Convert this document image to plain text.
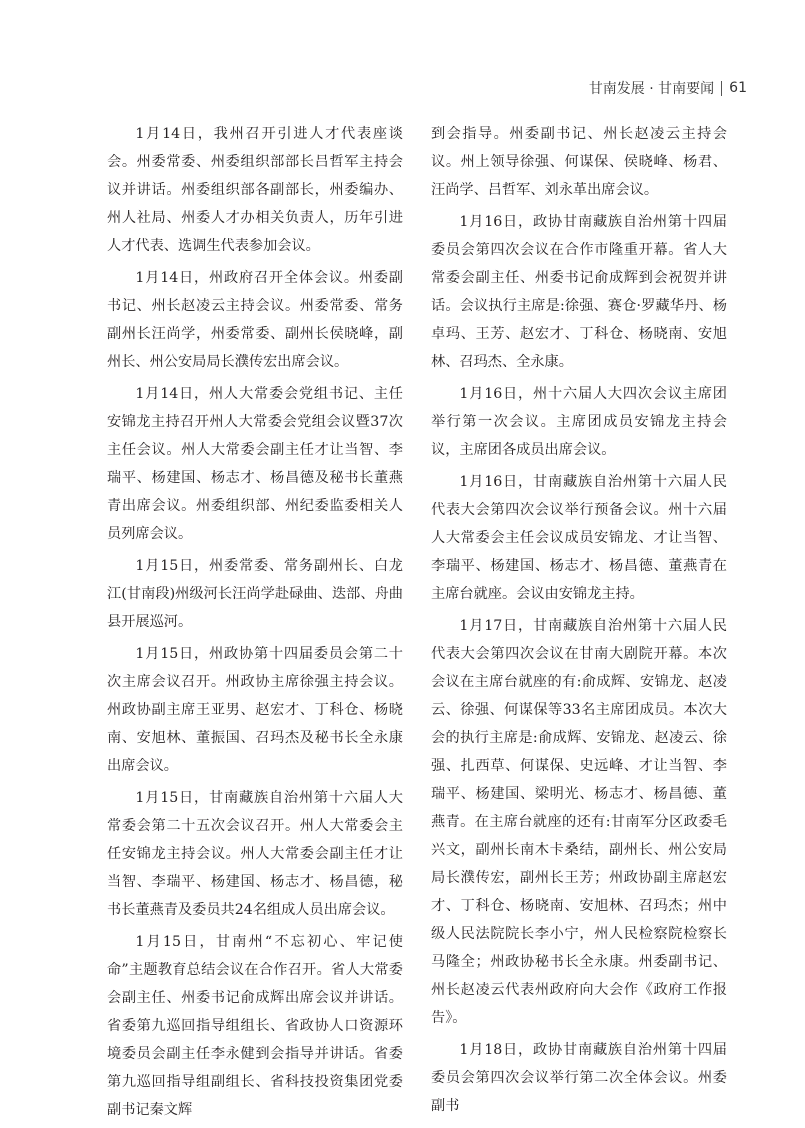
甘南发展 · 甘南要闻 61

1月14日，我州召开引进人才代表座谈会。州委常委、州委组织部部长吕哲军主持会议并讲话。州委组织部各副部长，州委编办、州人社局、州委人才办相关负责人，历年引进人才代表、选调生代表参加会议。

1月14日，州政府召开全体会议。州委副书记、州长赵凌云主持会议。州委常委、常务副州长汪尚学，州委常委、副州长侯晓峰，副州长、州公安局局长濮传宏出席会议。

1月14日，州人大常委会党组书记、主任安锦龙主持召开州人大常委会党组会议暨37次主任会议。州人大常委会副主任才让当智、李瑞平、杨建国、杨志才、杨昌德及秘书长董燕青出席会议。州委组织部、州纪委监委相关人员列席会议。

1月15日，州委常委、常务副州长、白龙江(甘南段)州级河长汪尚学赴碌曲、迭部、舟曲县开展巡河。

1月15日，州政协第十四届委员会第二十次主席会议召开。州政协主席徐强主持会议。州政协副主席王亚男、赵宏才、丁科仓、杨晓南、安旭林、董振国、召玛杰及秘书长全永康出席会议。

1月15日，甘南藏族自治州第十六届人大常委会第二十五次会议召开。州人大常委会主任安锦龙主持会议。州人大常委会副主任才让当智、李瑞平、杨建国、杨志才、杨昌德，秘书长董燕青及委员共24名组成人员出席会议。

1月15日，甘南州“不忘初心、牢记使命”主题教育总结会议在合作召开。省人大常委会副主任、州委书记俞成辉出席会议并讲话。省委第九巡回指导组组长、省政协人口资源环境委员会副主任李永健到会指导并讲话。省委第九巡回指导组副组长、省科技投资集团党委副书记秦文辉

到会指导。州委副书记、州长赵凌云主持会议。州上领导徐强、何谋保、侯晓峰、杨君、汪尚学、吕哲军、刘永革出席会议。

1月16日，政协甘南藏族自治州第十四届委员会第四次会议在合作市隆重开幕。省人大常委会副主任、州委书记俞成辉到会祝贺并讲话。会议执行主席是:徐强、赛仓·罗藏华丹、杨卓玛、王芳、赵宏才、丁科仓、杨晓南、安旭林、召玛杰、全永康。

1月16日，州十六届人大四次会议主席团举行第一次会议。主席团成员安锦龙主持会议，主席团各成员出席会议。

1月16日，甘南藏族自治州第十六届人民代表大会第四次会议举行预备会议。州十六届人大常委会主任会议成员安锦龙、才让当智、李瑞平、杨建国、杨志才、杨昌德、董燕青在主席台就座。会议由安锦龙主持。

1月17日，甘南藏族自治州第十六届人民代表大会第四次会议在甘南大剧院开幕。本次会议在主席台就座的有:俞成辉、安锦龙、赵凌云、徐强、何谋保等33名主席团成员。本次大会的执行主席是:俞成辉、安锦龙、赵凌云、徐强、扎西草、何谋保、史远峰、才让当智、李瑞平、杨建国、梁明光、杨志才、杨昌德、董燕青。在主席台就座的还有:甘南军分区政委毛兴文，副州长南木卡桑结，副州长、州公安局局长濮传宏，副州长王芳；州政协副主席赵宏才、丁科仓、杨晓南、安旭林、召玛杰；州中级人民法院院长李小宁，州人民检察院检察长马隆全；州政协秘书长全永康。州委副书记、州长赵凌云代表州政府向大会作《政府工作报告》。

1月18日，政协甘南藏族自治州第十四届委员会第四次会议举行第二次全体会议。州委副书
